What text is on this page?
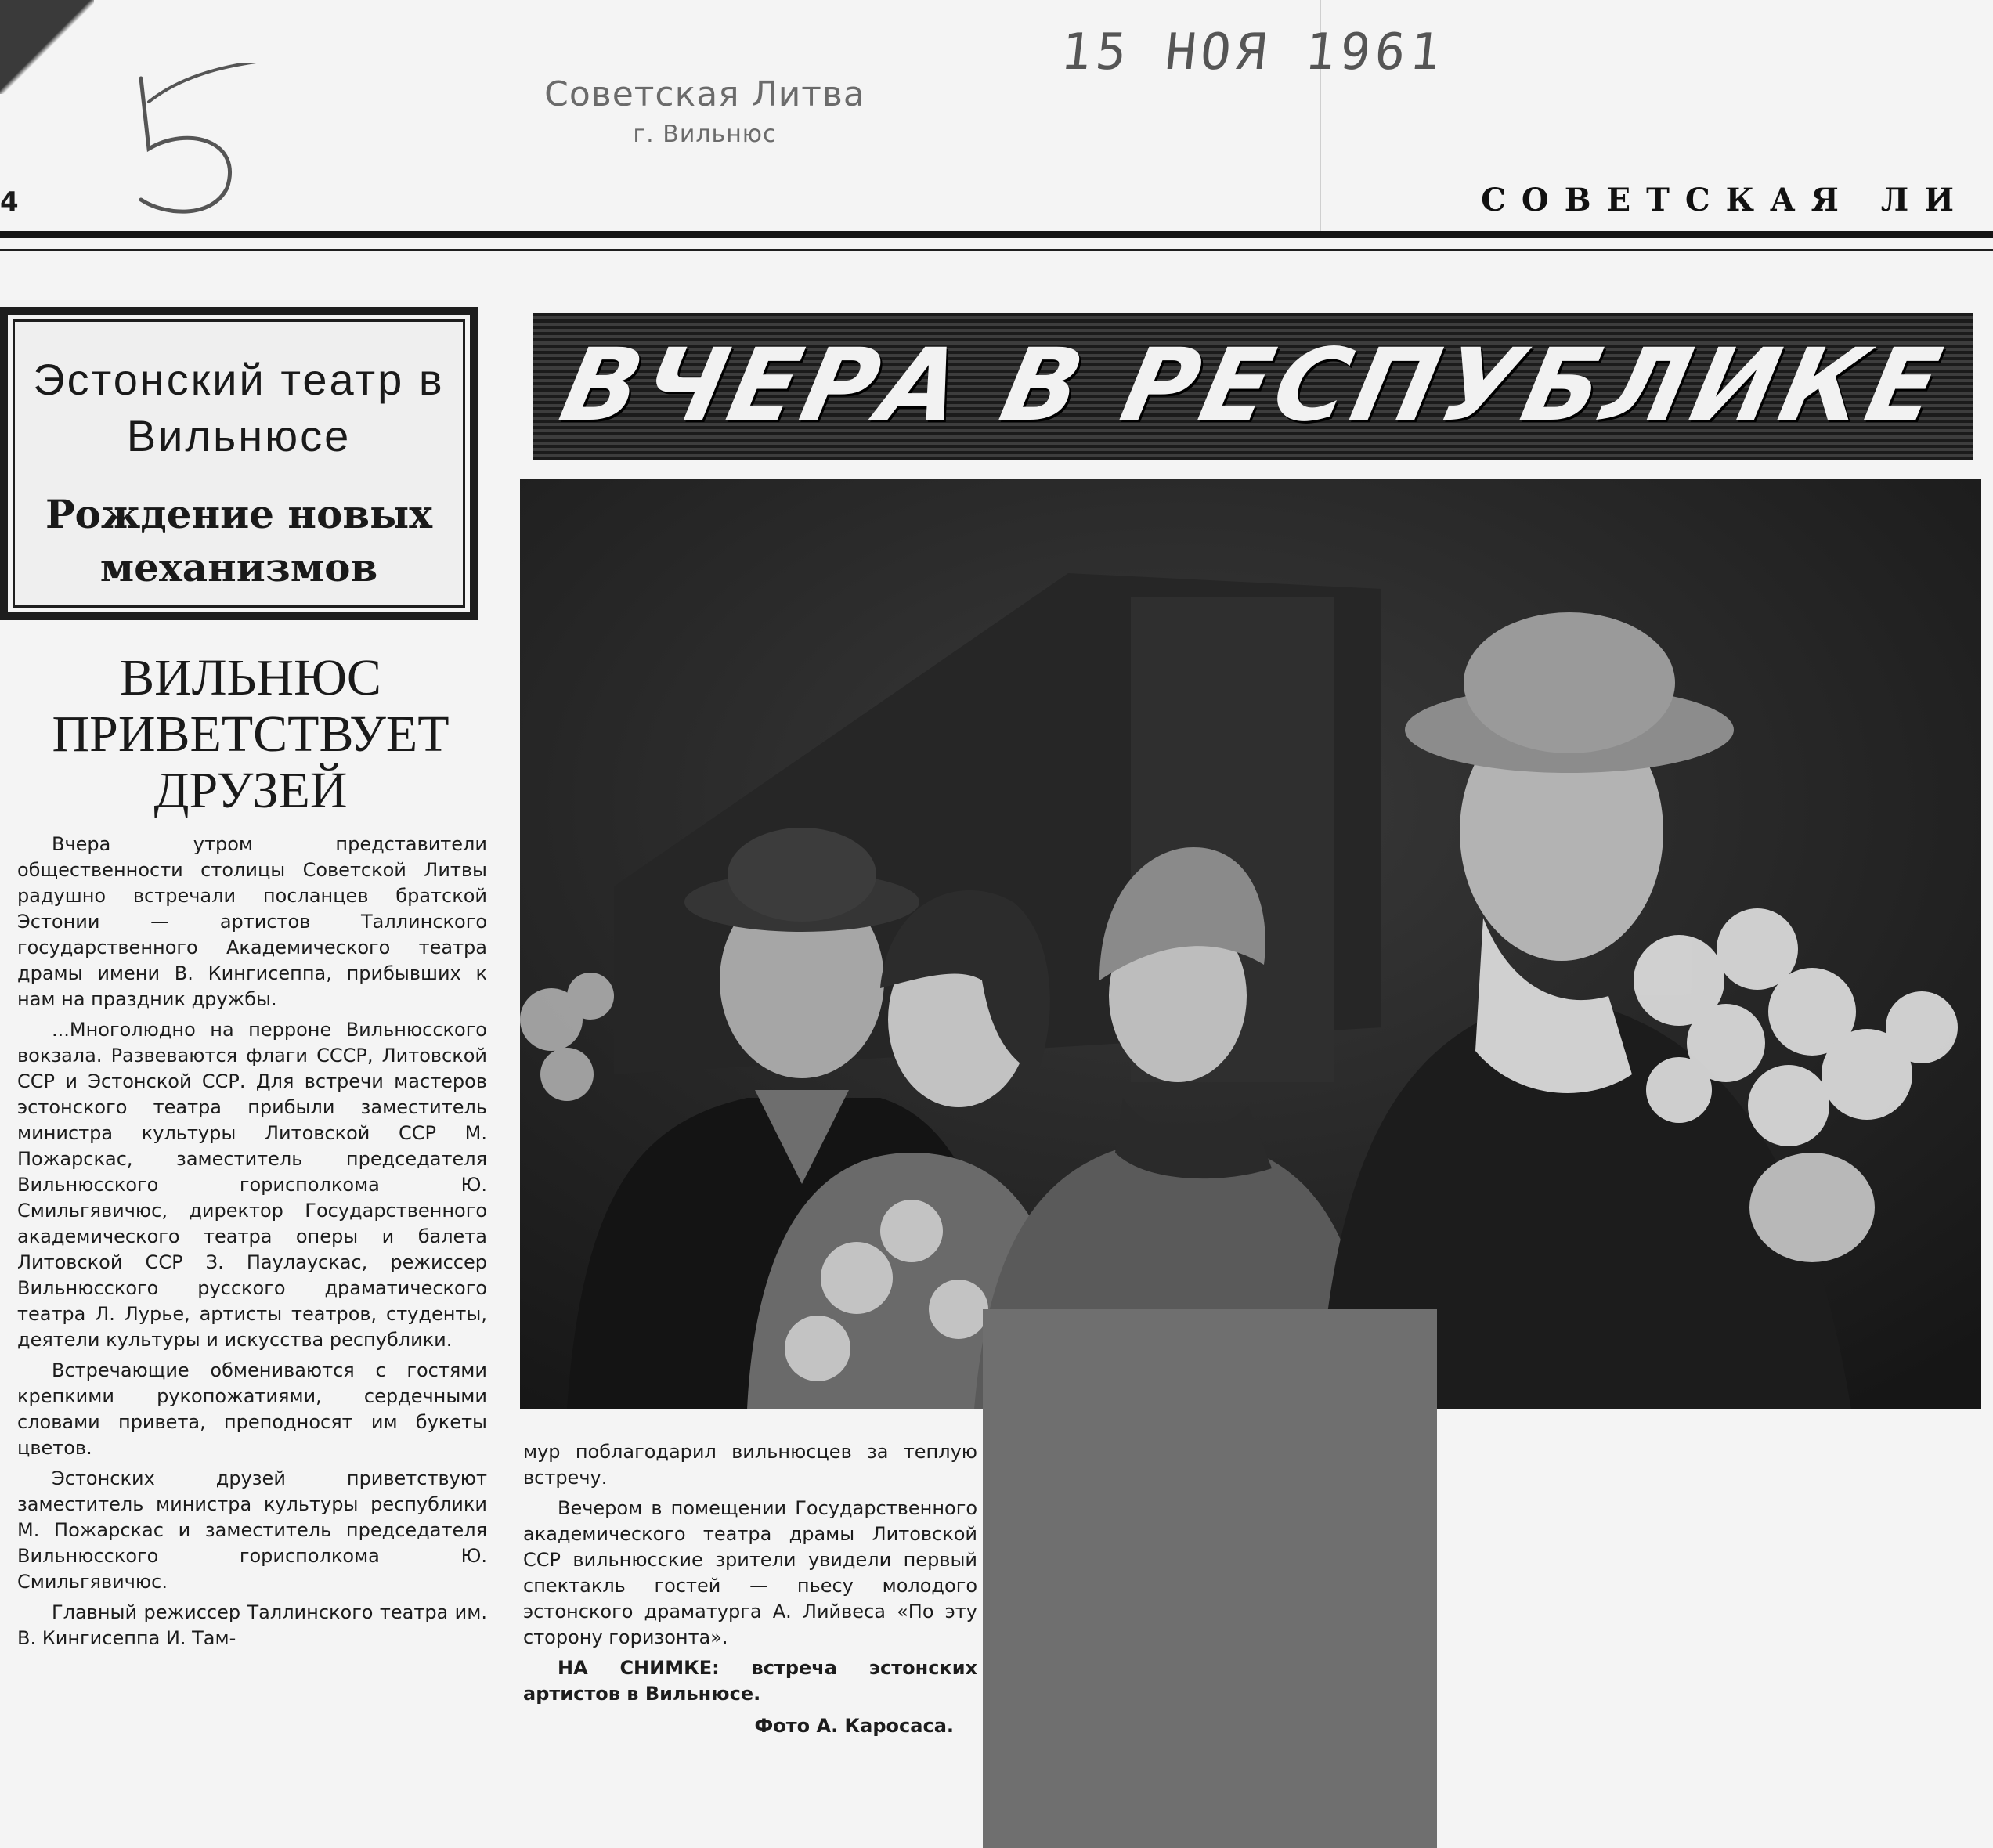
4
Советская Литва
г. Вильнюс
15 НОЯ 1961
СОВЕТСКАЯ ЛИ
Эстонский театр в Вильнюсе
Рождение новых механизмов
ВИЛЬНЮС ПРИВЕТСТВУЕТ ДРУЗЕЙ

Вчера утром представители общественности столицы Советской Литвы радушно встречали посланцев братской Эстонии — артистов Таллинского государственного Академического театра драмы имени В. Кингисеппа, прибывших к нам на праздник дружбы.

...Многолюдно на перроне Вильнюсского вокзала. Развеваются флаги СССР, Литовской ССР и Эстонской ССР. Для встречи мастеров эстонского театра прибыли заместитель министра культуры Литовской ССР М. Пожарскас, заместитель председателя Вильнюсского горисполкома Ю. Смильгявичюс, директор Государственного академического театра оперы и балета Литовской ССР З. Паулаускас, режиссер Вильнюсского русского драматического театра Л. Лурье, артисты театров, студенты, деятели культуры и искусства республики.

Встречающие обмениваются с гостями крепкими рукопожатиями, сердечными словами привета, преподносят им букеты цветов.

Эстонских друзей приветствуют заместитель министра культуры республики М. Пожарскас и заместитель председателя Вильнюсского горисполкома Ю. Смильгявичюс.

Главный режиссер Таллинского театра им. В. Кингисеппа И. Там-

ВЧЕРА В РЕСПУБЛИКЕ

мур поблагодарил вильнюсцев за теплую встречу.

Вечером в помещении Государственного академического театра драмы Литовской ССР вильнюсские зрители увидели первый спектакль гостей — пьесу молодого эстонского драматурга А. Лийвеса «По эту сторону горизонта».

НА СНИМКЕ: встреча эстонских артистов в Вильнюсе.

Фото А. Каросаса.
